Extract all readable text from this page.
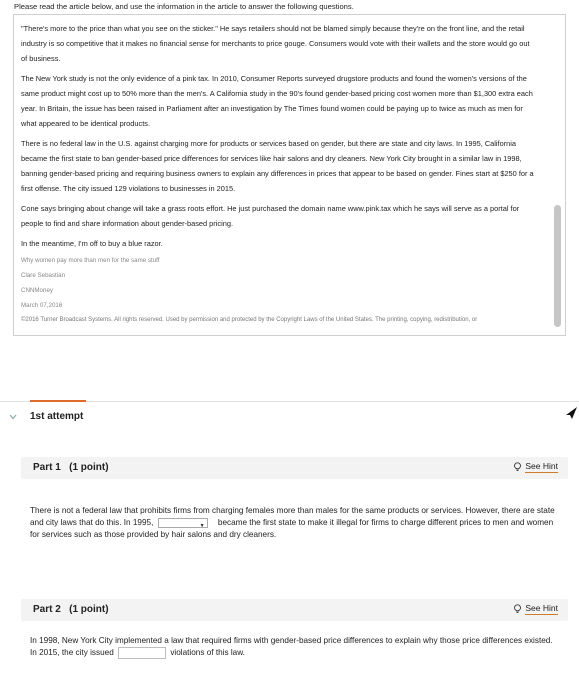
Please read the article below, and use the information in the article to answer the following questions.

"There's more to the price than what you see on the sticker." He says retailers should not be blamed simply because they're on the front line, and the retail industry is so competitive that it makes no financial sense for merchants to price gouge. Consumers would vote with their wallets and the store would go out of business.

The New York study is not the only evidence of a pink tax. In 2010, Consumer Reports surveyed drugstore products and found the women's versions of the same product might cost up to 50% more than the men's. A California study in the 90's found gender-based pricing cost women more than $1,300 extra each year. In Britain, the issue has been raised in Parliament after an investigation by The Times found women could be paying up to twice as much as men for what appeared to be identical products.

There is no federal law in the U.S. against charging more for products or services based on gender, but there are state and city laws. In 1995, California became the first state to ban gender-based price differences for services like hair salons and dry cleaners. New York City brought in a similar law in 1998, banning gender-based pricing and requiring business owners to explain any differences in prices that appear to be based on gender. Fines start at $250 for a first offense. The city issued 129 violations to businesses in 2015.

Cone says bringing about change will take a grass roots effort. He just purchased the domain name www.pink.tax which he says will serve as a portal for people to find and share information about gender-based pricing.

In the meantime, I'm off to buy a blue razor.

Why women pay more than men for the same stuff

Clare Sebastian

CNNMoney

March 07,2016

©2016 Turner Broadcast Systems. All rights reserved. Used by permission and protected by the Copyright Laws of the United States. The printing, copying, redistribution, or

1st attempt
Part 1   (1 point)	See Hint
There is not a federal law that prohibits firms from charging females more than males for the same products or services. However, there are state and city laws that do this. In 1995,	▼ became the first state to make it illegal for firms to charge different prices to men and women for services such as those provided by hair salons and dry cleaners.
Part 2   (1 point)	See Hint
In 1998, New York City implemented a law that required firms with gender-based price differences to explain why those price differences existed. In 2015, the city issued	violations of this law.
